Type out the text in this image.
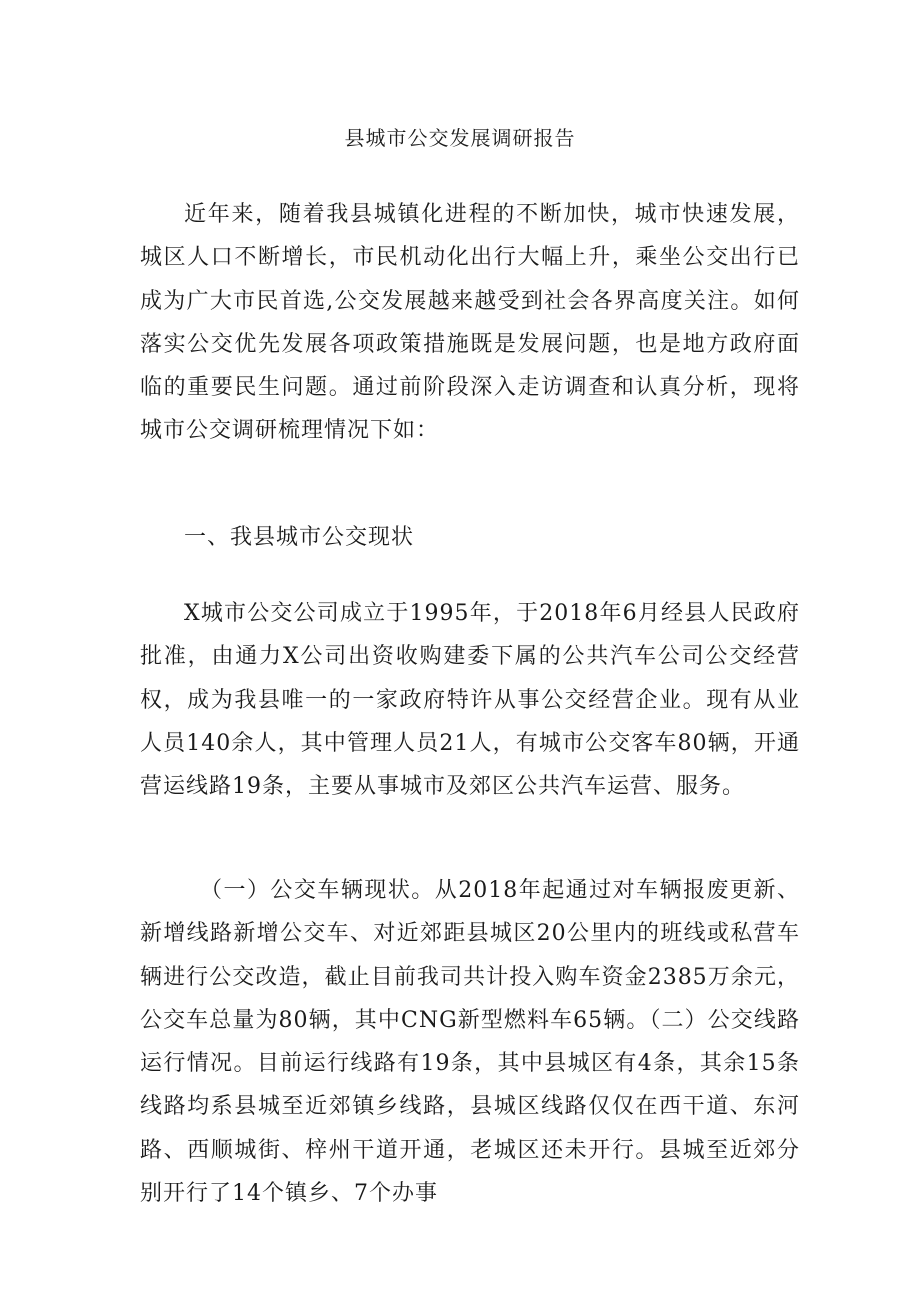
县城市公交发展调研报告

近年来，随着我县城镇化进程的不断加快，城市快速发展，城区人口不断增长，市民机动化出行大幅上升，乘坐公交出行已成为广大市民首选,公交发展越来越受到社会各界高度关注。如何落实公交优先发展各项政策措施既是发展问题，也是地方政府面临的重要民生问题。通过前阶段深入走访调查和认真分析，现将城市公交调研梳理情况下如：

一、我县城市公交现状

X城市公交公司成立于1995年，于2018年6月经县人民政府批准，由通力X公司出资收购建委下属的公共汽车公司公交经营权，成为我县唯一的一家政府特许从事公交经营企业。现有从业人员140余人，其中管理人员21人，有城市公交客车80辆，开通营运线路19条，主要从事城市及郊区公共汽车运营、服务。

（一）公交车辆现状。从2018年起通过对车辆报废更新、新增线路新增公交车、对近郊距县城区20公里内的班线或私营车辆进行公交改造，截止目前我司共计投入购车资金2385万余元，公交车总量为80辆，其中CNG新型燃料车65辆。（二）公交线路运行情况。目前运行线路有19条，其中县城区有4条，其余15条线路均系县城至近郊镇乡线路，县城区线路仅仅在西干道、东河路、西顺城街、梓州干道开通，老城区还未开行。县城至近郊分别开行了14个镇乡、7个办事
